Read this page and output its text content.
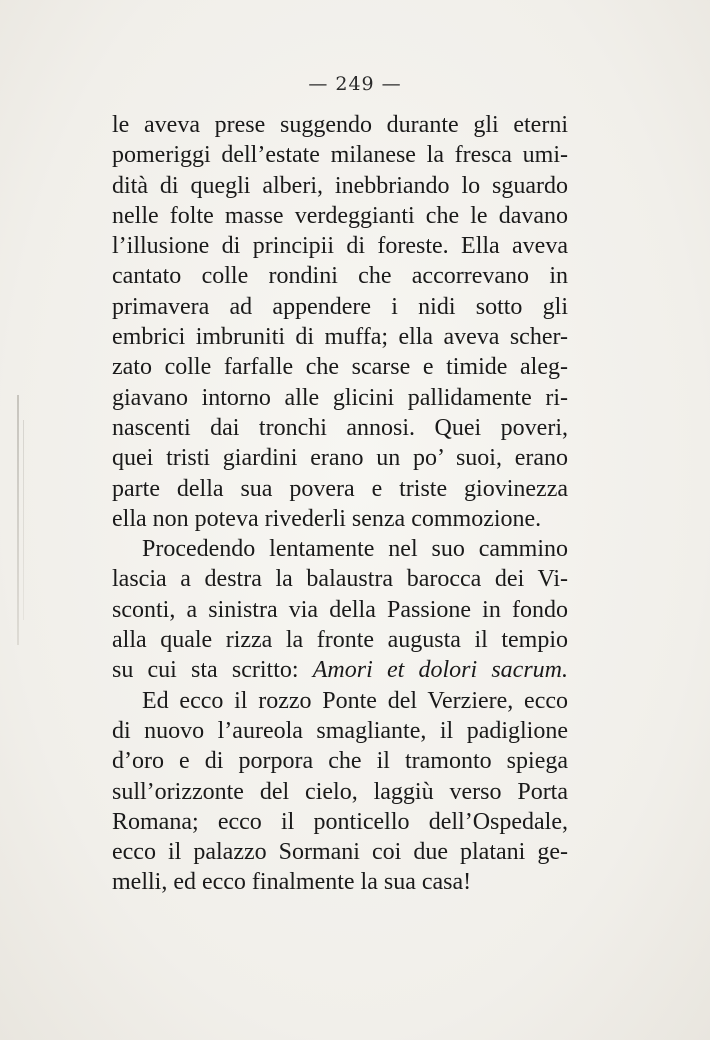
— 249 —
le aveva prese suggendo durante gli eterni
pomeriggi dell’estate milanese la fresca umi-
dità di quegli alberi, inebbriando lo sguardo
nelle folte masse verdeggianti che le davano
l’illusione di principii di foreste. Ella aveva
cantato colle rondini che accorrevano in
primavera ad appendere i nidi sotto gli
embrici imbruniti di muffa; ella aveva scher-
zato colle farfalle che scarse e timide aleg-
giavano intorno alle glicini pallidamente ri-
nascenti dai tronchi annosi. Quei poveri,
quei tristi giardini erano un po’ suoi, erano
parte della sua povera e triste giovinezza
ella non poteva rivederli senza commozione.
Procedendo lentamente nel suo cammino
lascia a destra la balaustra barocca dei Vi-
sconti, a sinistra via della Passione in fondo
alla quale rizza la fronte augusta il tempio
su cui sta scritto: Amori et dolori sacrum.
Ed ecco il rozzo Ponte del Verziere, ecco
di nuovo l’aureola smagliante, il padiglione
d’oro e di porpora che il tramonto spiega
sull’orizzonte del cielo, laggiù verso Porta
Romana; ecco il ponticello dell’Ospedale,
ecco il palazzo Sormani coi due platani ge-
melli, ed ecco finalmente la sua casa!
